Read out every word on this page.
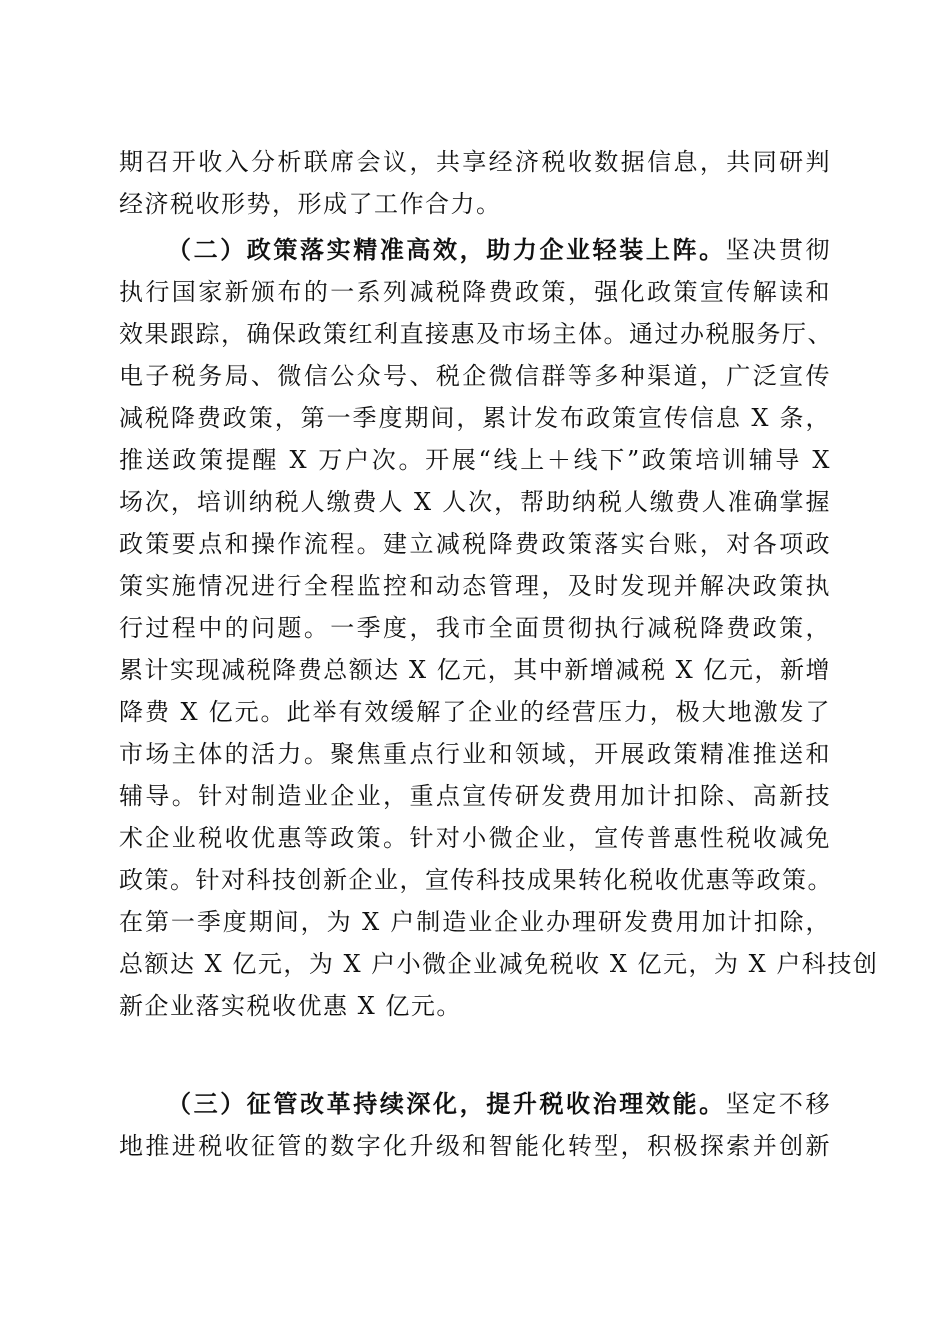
期召开收入分析联席会议，共享经济税收数据信息，共同研判
经济税收形势，形成了工作合力。
（二）政策落实精准高效，助力企业轻装上阵。坚决贯彻
执行国家新颁布的一系列减税降费政策，强化政策宣传解读和
效果跟踪，确保政策红利直接惠及市场主体。通过办税服务厅、
电子税务局、微信公众号、税企微信群等多种渠道，广泛宣传
减税降费政策，第一季度期间，累计发布政策宣传信息 X 条，
推送政策提醒 X 万户次。开展“线上＋线下”政策培训辅导 X
场次，培训纳税人缴费人 X 人次，帮助纳税人缴费人准确掌握
政策要点和操作流程。建立减税降费政策落实台账，对各项政
策实施情况进行全程监控和动态管理，及时发现并解决政策执
行过程中的问题。一季度，我市全面贯彻执行减税降费政策，
累计实现减税降费总额达 X 亿元，其中新增减税 X 亿元，新增
降费 X 亿元。此举有效缓解了企业的经营压力，极大地激发了
市场主体的活力。聚焦重点行业和领域，开展政策精准推送和
辅导。针对制造业企业，重点宣传研发费用加计扣除、高新技
术企业税收优惠等政策。针对小微企业，宣传普惠性税收减免
政策。针对科技创新企业，宣传科技成果转化税收优惠等政策。
在第一季度期间，为 X 户制造业企业办理研发费用加计扣除，
总额达 X 亿元，为 X 户小微企业减免税收 X 亿元，为 X 户科技创
新企业落实税收优惠 X 亿元。
（三）征管改革持续深化，提升税收治理效能。坚定不移
地推进税收征管的数字化升级和智能化转型，积极探索并创新
